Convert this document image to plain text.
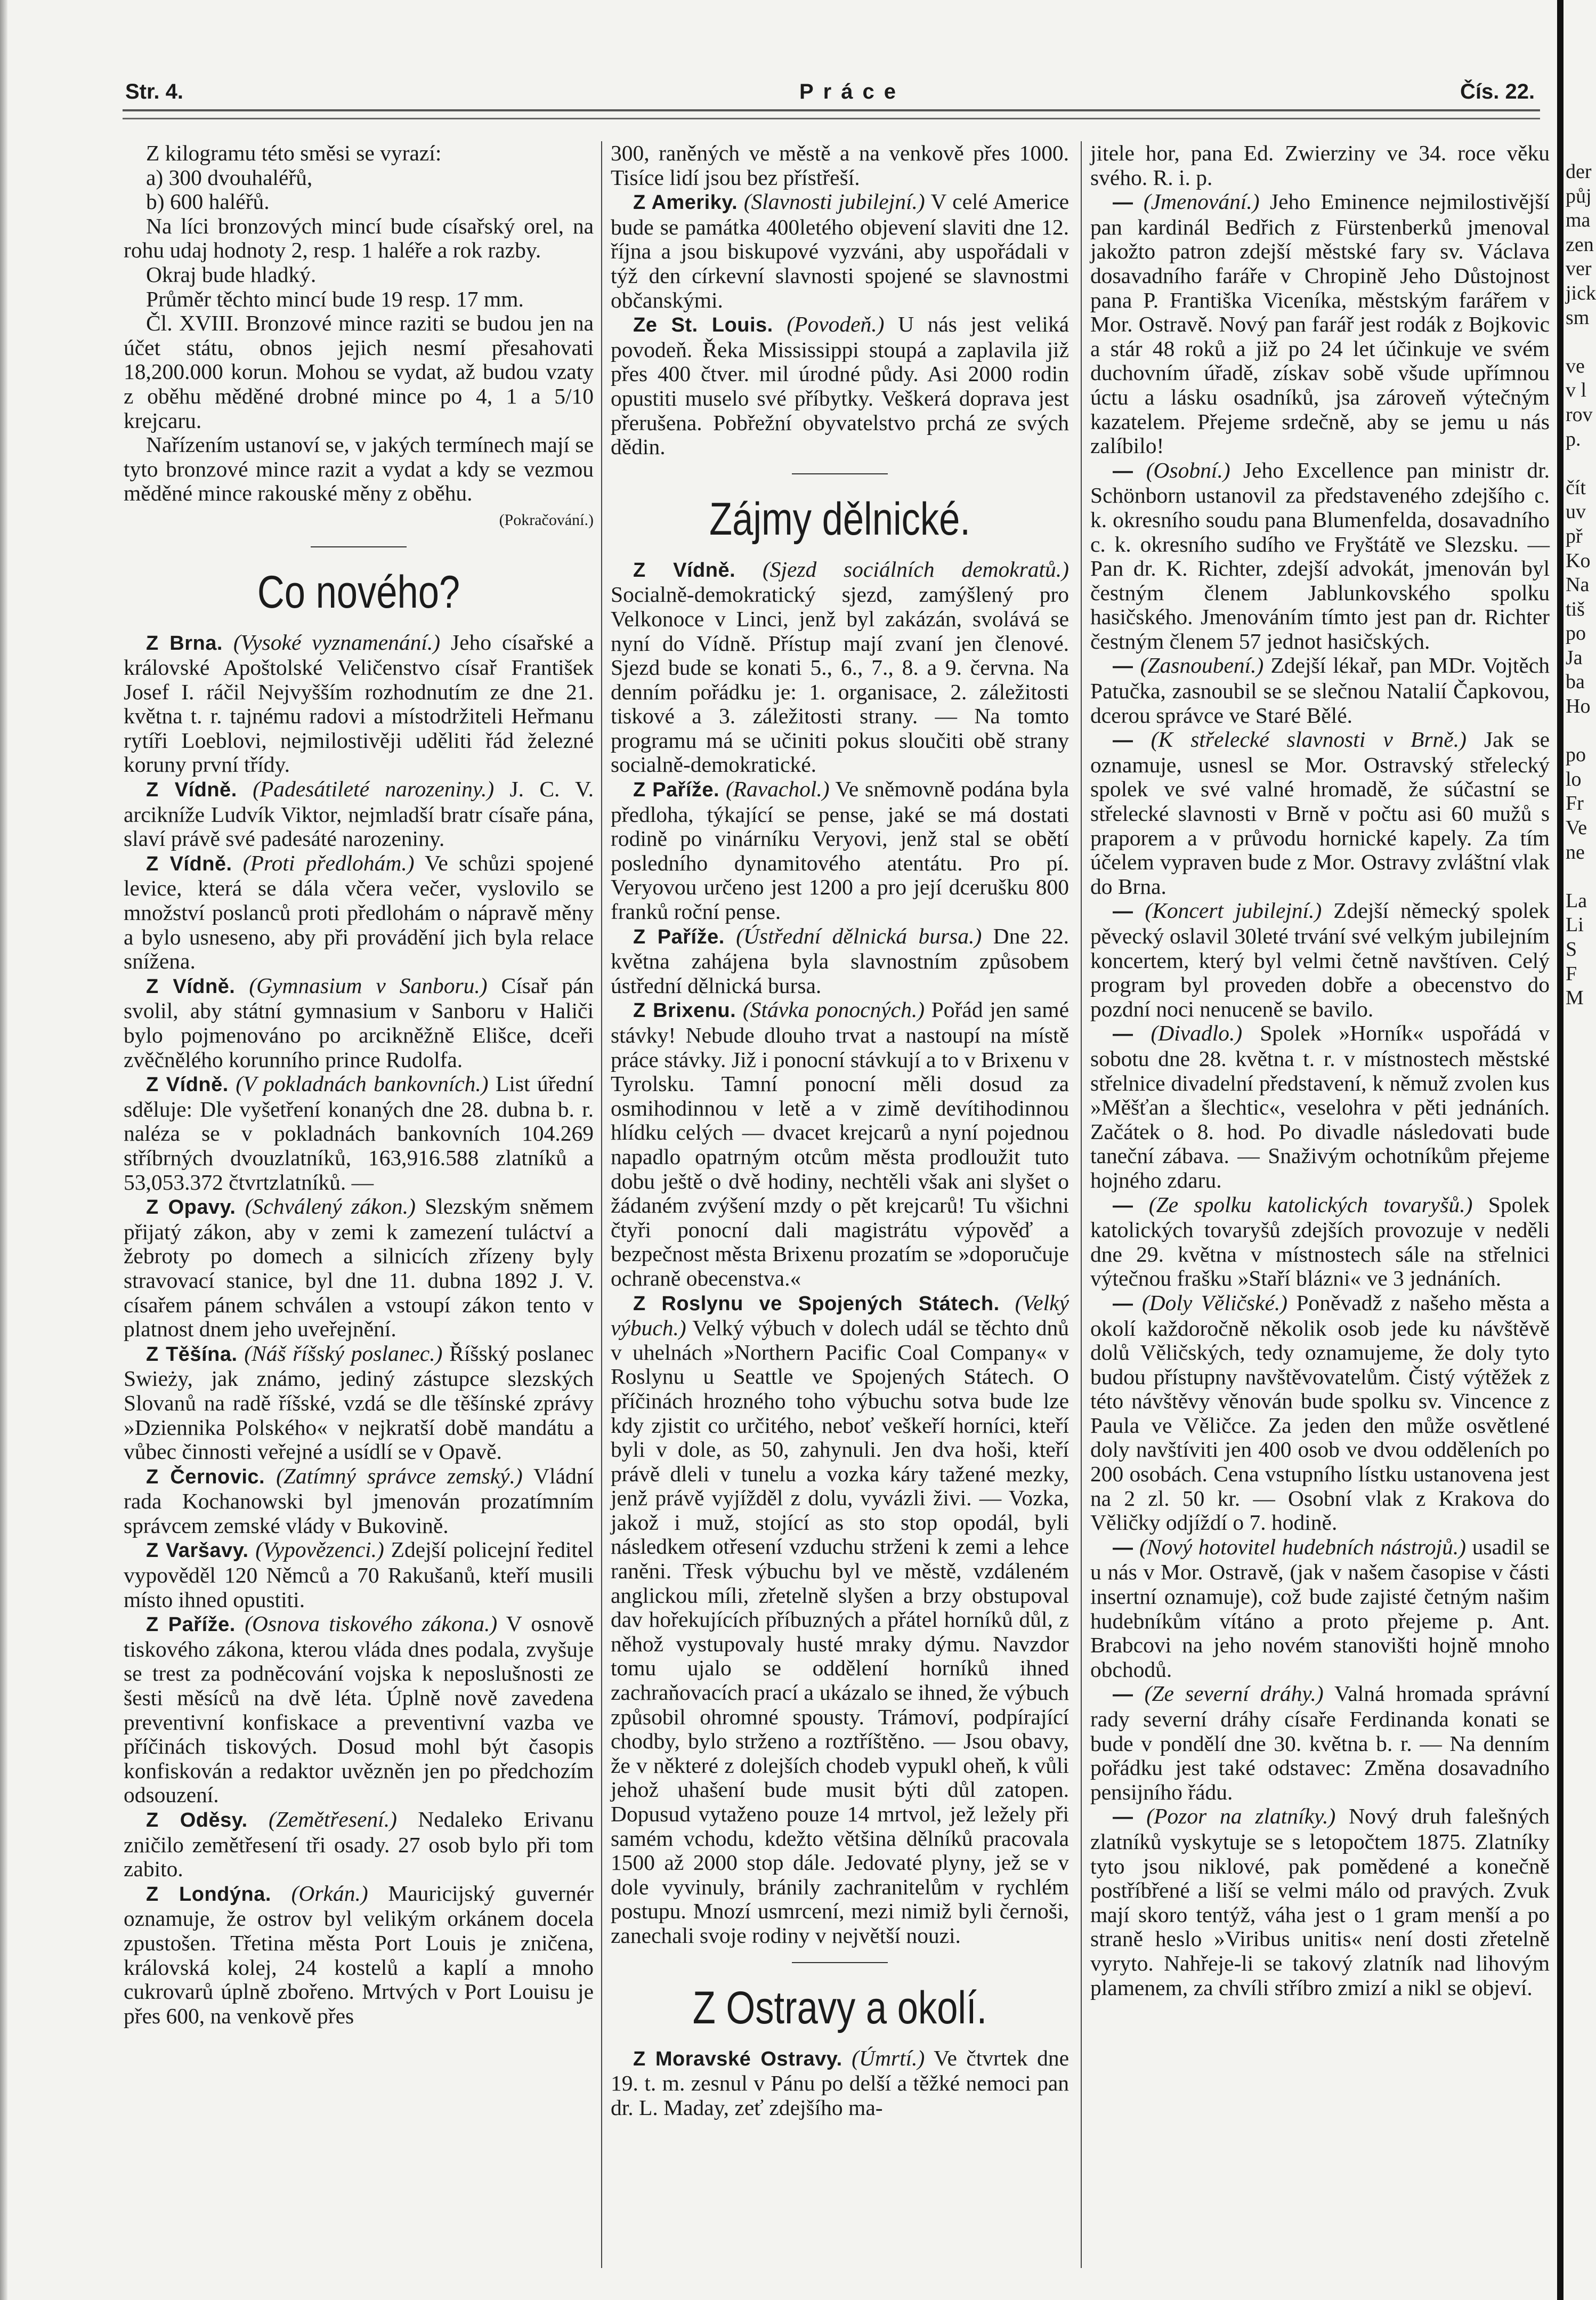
Str. 4.	Práce	Čís. 22.

Z kilogramu této směsi se vyrazí:

a) 300 dvouhaléřů,

b) 600 haléřů.

Na líci bronzových mincí bude císařský orel, na rohu udaj hodnoty 2, resp. 1 haléře a rok razby.

Okraj bude hladký.

Průměr těchto mincí bude 19 resp. 17 mm.

Čl. XVIII. Bronzové mince raziti se budou jen na účet státu, obnos jejich nesmí přesahovati 18,200.000 korun. Mohou se vydat, až budou vzaty z oběhu měděné drobné mince po 4, 1 a 5/10 krejcaru.

Nařízením ustanoví se, v jakých termínech mají se tyto bronzové mince razit a vydat a kdy se vezmou měděné mince rakouské měny z oběhu.

(Pokračování.)
Co nového?

Z Brna. (Vysoké vyznamenání.) Jeho císařské a královské Apoštolské Veličenstvo císař František Josef I. ráčil Nejvyšším rozhodnutím ze dne 21. května t. r. tajnému radovi a místodržiteli Heřmanu rytíři Loeblovi, nejmilostivěji uděliti řád železné koruny první třídy.

Z Vídně. (Padesátileté narozeniny.) J. C. V. arcikníže Ludvík Viktor, nejmladší bratr císaře pána, slaví právě své padesáté narozeniny.

Z Vídně. (Proti předlohám.) Ve schůzi spojené levice, která se dála včera večer, vyslovilo se množství poslanců proti předlohám o nápravě měny a bylo usneseno, aby při provádění jich byla relace snížena.

Z Vídně. (Gymnasium v Sanboru.) Císař pán svolil, aby státní gymnasium v Sanboru v Haliči bylo pojmenováno po arcikněžně Elišce, dceři zvěčnělého korunního prince Rudolfa.

Z Vídně. (V pokladnách bankovních.) List úřední sděluje: Dle vyšetření konaných dne 28. dubna b. r. naléza se v pokladnách bankovních 104.269 stříbrných dvouzlatníků, 163,916.588 zlatníků a 53,053.372 čtvrtzlatníků. —

Z Opavy. (Schválený zákon.) Slezským sněmem přijatý zákon, aby v zemi k zamezení tuláctví a žebroty po domech a silnicích zřízeny byly stravovací stanice, byl dne 11. dubna 1892 J. V. císařem pánem schválen a vstoupí zákon tento v platnost dnem jeho uveřejnění.

Z Těšína. (Náš říšský poslanec.) Říšský poslanec Swieży, jak známo, jediný zástupce slezských Slovanů na radě říšské, vzdá se dle těšínské zprávy »Dziennika Polského« v nejkratší době mandátu a vůbec činnosti veřejné a usídlí se v Opavě.

Z Černovic. (Zatímný správce zemský.) Vládní rada Kochanowski byl jmenován prozatímním správcem zemské vlády v Bukovině.

Z Varšavy. (Vypovězenci.) Zdejší policejní ředitel vypověděl 120 Němců a 70 Rakušanů, kteří musili místo ihned opustiti.

Z Paříže. (Osnova tiskového zákona.) V osnově tiskového zákona, kterou vláda dnes podala, zvyšuje se trest za podněcování vojska k neposlušnosti ze šesti měsíců na dvě léta. Úplně nově zavedena preventivní konfiskace a preventivní vazba ve příčinách tiskových. Dosud mohl být časopis konfiskován a redaktor uvězněn jen po předchozím odsouzení.

Z Oděsy. (Zemětřesení.) Nedaleko Erivanu zničilo zemětřesení tři osady. 27 osob bylo při tom zabito.

Z Londýna. (Orkán.) Mauricijský guvernér oznamuje, že ostrov byl velikým orkánem docela zpustošen. Třetina města Port Louis je zničena, královská kolej, 24 kostelů a kaplí a mnoho cukrovarů úplně zbořeno. Mrtvých v Port Louisu je přes 600, na venkově přes

300, raněných ve městě a na venkově přes 1000. Tisíce lidí jsou bez přístřeší.

Z Ameriky. (Slavnosti jubilejní.) V celé Americe bude se památka 400letého objevení slaviti dne 12. října a jsou biskupové vyzváni, aby uspořádali v týž den církevní slavnosti spojené se slavnostmi občanskými.

Ze St. Louis. (Povodeň.) U nás jest veliká povodeň. Řeka Mississippi stoupá a zaplavila již přes 400 čtver. mil úrodné půdy. Asi 2000 rodin opustiti muselo své příbytky. Veškerá doprava jest přerušena. Pobřežní obyvatelstvo prchá ze svých dědin.

Zájmy dělnické.

Z Vídně. (Sjezd sociálních demokratů.) Socialně-demokratický sjezd, zamýšlený pro Velkonoce v Linci, jenž byl zakázán, svolává se nyní do Vídně. Přístup mají zvaní jen členové. Sjezd bude se konati 5., 6., 7., 8. a 9. června. Na denním pořádku je: 1. organisace, 2. záležitosti tiskové a 3. záležitosti strany. — Na tomto programu má se učiniti pokus sloučiti obě strany socialně-demokratické.

Z Paříže. (Ravachol.) Ve sněmovně podána byla předloha, týkající se pense, jaké se má dostati rodině po vinárníku Veryovi, jenž stal se obětí posledního dynamitového atentátu. Pro pí. Veryovou určeno jest 1200 a pro její dcerušku 800 franků roční pense.

Z Paříže. (Ústřední dělnická bursa.) Dne 22. května zahájena byla slavnostním způsobem ústřední dělnická bursa.

Z Brixenu. (Stávka ponocných.) Pořád jen samé stávky! Nebude dlouho trvat a nastoupí na místě práce stávky. Již i ponocní stávkují a to v Brixenu v Tyrolsku. Tamní ponocní měli dosud za osmihodinnou v letě a v zimě devítihodinnou hlídku celých — dvacet krejcarů a nyní pojednou napadlo opatrným otcům města prodloužit tuto dobu ještě o dvě hodiny, nechtěli však ani slyšet o žádaném zvýšení mzdy o pět krejcarů! Tu všichni čtyři ponocní dali magistrátu výpověď a bezpečnost města Brixenu prozatím se »doporučuje ochraně obecenstva.«

Z Roslynu ve Spojených Státech. (Velký výbuch.) Velký výbuch v dolech udál se těchto dnů v uhelnách »Northern Pacific Coal Company« v Roslynu u Seattle ve Spojených Státech. O příčinách hrozného toho výbuchu sotva bude lze kdy zjistit co určitého, neboť veškeří horníci, kteří byli v dole, as 50, zahynuli. Jen dva hoši, kteří právě dleli v tunelu a vozka káry tažené mezky, jenž právě vyjížděl z dolu, vyvázli živi. — Vozka, jakož i muž, stojící as sto stop opodál, byli následkem otřesení vzduchu strženi k zemi a lehce raněni. Třesk výbuchu byl ve městě, vzdáleném anglickou míli, zřetelně slyšen a brzy obstupoval dav hořekujících příbuzných a přátel horníků důl, z něhož vystupovaly husté mraky dýmu. Navzdor tomu ujalo se oddělení horníků ihned zachraňovacích prací a ukázalo se ihned, že výbuch způsobil ohromné spousty. Trámoví, podpírající chodby, bylo strženo a roztříštěno. — Jsou obavy, že v některé z dolejších chodeb vypukl oheň, k vůli jehož uhašení bude musit býti důl zatopen. Dopusud vytaženo pouze 14 mrtvol, jež ležely při samém vchodu, kdežto většina dělníků pracovala 1500 až 2000 stop dále. Jedovaté plyny, jež se v dole vyvinuly, bránily zachranitelům v rychlém postupu. Mnozí usmrcení, mezi nimiž byli černoši, zanechali svoje rodiny v největší nouzi.

Z Ostravy a okolí.

Z Moravské Ostravy. (Úmrtí.) Ve čtvrtek dne 19. t. m. zesnul v Pánu po delší a těžké nemoci pan dr. L. Maday, zeť zdejšího ma-

jitele hor, pana Ed. Zwierziny ve 34. roce věku svého. R. i. p.

— (Jmenování.) Jeho Eminence nejmilostivější pan kardinál Bedřich z Fürstenberků jmenoval jakožto patron zdejší městské fary sv. Václava dosavadního faráře v Chropině Jeho Důstojnost pana P. Františka Viceníka, městským farářem v Mor. Ostravě. Nový pan farář jest rodák z Bojkovic a stár 48 roků a již po 24 let účinkuje ve svém duchovním úřadě, získav sobě všude upřímnou úctu a lásku osadníků, jsa zároveň výtečným kazatelem. Přejeme srdečně, aby se jemu u nás zalíbilo!

— (Osobní.) Jeho Excellence pan ministr dr. Schönborn ustanovil za představeného zdejšího c. k. okresního soudu pana Blumenfelda, dosavadního c. k. okresního sudího ve Fryštátě ve Slezsku. — Pan dr. K. Richter, zdejší advokát, jmenován byl čestným členem Jablunkovského spolku hasičského. Jmenováním tímto jest pan dr. Richter čestným členem 57 jednot hasičských.

— (Zasnoubení.) Zdejší lékař, pan MDr. Vojtěch Patučka, zasnoubil se se slečnou Natalií Čapkovou, dcerou správce ve Staré Bělé.

— (K střelecké slavnosti v Brně.) Jak se oznamuje, usnesl se Mor. Ostravský střelecký spolek ve své valné hromadě, že súčastní se střelecké slavnosti v Brně v počtu asi 60 mužů s praporem a v průvodu hornické kapely. Za tím účelem vypraven bude z Mor. Ostravy zvláštní vlak do Brna.

— (Koncert jubilejní.) Zdejší německý spolek pěvecký oslavil 30leté trvání své velkým jubilejním koncertem, který byl velmi četně navštíven. Celý program byl proveden dobře a obecenstvo do pozdní noci nenuceně se bavilo.

— (Divadlo.) Spolek »Horník« uspořádá v sobotu dne 28. května t. r. v místnostech městské střelnice divadelní představení, k němuž zvolen kus »Měšťan a šlechtic«, veselohra v pěti jednáních. Začátek o 8. hod. Po divadle následovati bude taneční zábava. — Snaživým ochotníkům přejeme hojného zdaru.

— (Ze spolku katolických tovaryšů.) Spolek katolických tovaryšů zdejších provozuje v neděli dne 29. května v místnostech sále na střelnici výtečnou frašku »Staří blázni« ve 3 jednáních.

— (Doly Věličské.) Poněvadž z našeho města a okolí každoročně několik osob jede ku návštěvě dolů Věličských, tedy oznamujeme, že doly tyto budou přístupny navštěvovatelům. Čistý výtěžek z této návštěvy věnován bude spolku sv. Vincence z Paula ve Věličce. Za jeden den může osvětlené doly navštíviti jen 400 osob ve dvou odděleních po 200 osobách. Cena vstupního lístku ustanovena jest na 2 zl. 50 kr. — Osobní vlak z Krakova do Věličky odjíždí o 7. hodině.

— (Nový hotovitel hudebních nástrojů.) usadil se u nás v Mor. Ostravě, (jak v našem časopise v části insertní oznamuje), což bude zajisté četným našim hudebníkům vítáno a proto přejeme p. Ant. Brabcovi na jeho novém stanovišti hojně mnoho obchodů.

— (Ze severní dráhy.) Valná hromada správní rady severní dráhy císaře Ferdinanda konati se bude v pondělí dne 30. května b. r. — Na denním pořádku jest také odstavec: Změna dosavadního pensijního řádu.

— (Pozor na zlatníky.) Nový druh falešných zlatníků vyskytuje se s letopočtem 1875. Zlatníky tyto jsou niklové, pak pomědené a konečně postříbřené a liší se velmi málo od pravých. Zvuk mají skoro tentýž, váha jest o 1 gram menší a po straně heslo »Viribus unitis« není dosti zřetelně vyryto. Nahřeje-li se takový zlatník nad lihovým plamenem, za chvíli stříbro zmizí a nikl se objeví.

der
půj
ma
zen
ver
jick
sm
ve
v l
rov
p.
čít
uv
př
Ko
Na
tiš
po
Ja
ba
Ho
po
lo
Fr
Ve
ne
La
Li
S
F
M
